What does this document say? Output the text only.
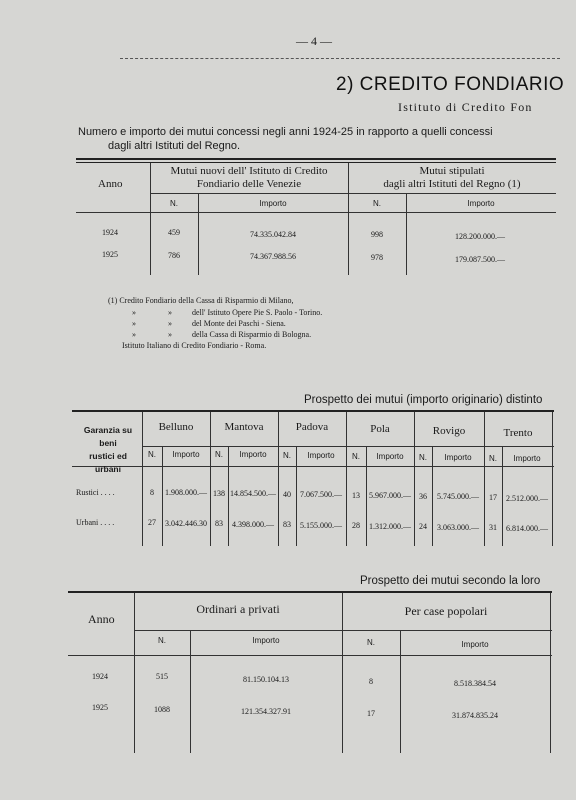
— 4 —
2) CREDITO FONDIARIO
Istituto di Credito Fon
Numero e importo dei mutui concessi negli anni 1924-25 in rapporto a quelli concessi
dagli altri Istituti del Regno.
Anno
Mutui nuovi dell' Istituto di Credito
Fondiario delle Venezie
Mutui stipulati
dagli altri Istituti del Regno (1)
N.	Importo	N.	Importo
1924	459	74.335.042.84	998	128.200.000.—
1925	786	74.367.988.56	978	179.087.500.—
(1) Credito Fondiario della Cassa di Risparmio di Milano,
»	»	dell' Istituto Opere Pie S. Paolo - Torino.
»	»	del Monte dei Paschi - Siena.
»	»	della Cassa di Risparmio di Bologna.
Istituto Italiano di Credito Fondiario - Roma.
Prospetto dei mutui (importo originario) distinto
Garanzia su beni
rustici ed urbani
Belluno	Mantova	Padova	Pola	Rovigo	Trento
N.	Importo	N.	Importo	N.	Importo	N.	Importo	N.	Importo	N.	Importo
Rustici . . . .	8	1.908.000.— 138 14.854.500.— 40	7.067.500.—	13	5.967.000.—	36	5.745.000.—	17	2.512.000.—
Urbani . . . .	27	3.042.446.30	83	4.398.000.—	83	5.155.000.—	28	1.312.000.—	24	3.063.000.—	31	6.814.000.—
Prospetto dei mutui secondo la loro
Anno
Ordinari a privati	Per case popolari
N.	Importo	N.	Importo
1924	515	81.150.104.13	8	8.518.384.54
1925	1088	121.354.327.91	17	31.874.835.24
